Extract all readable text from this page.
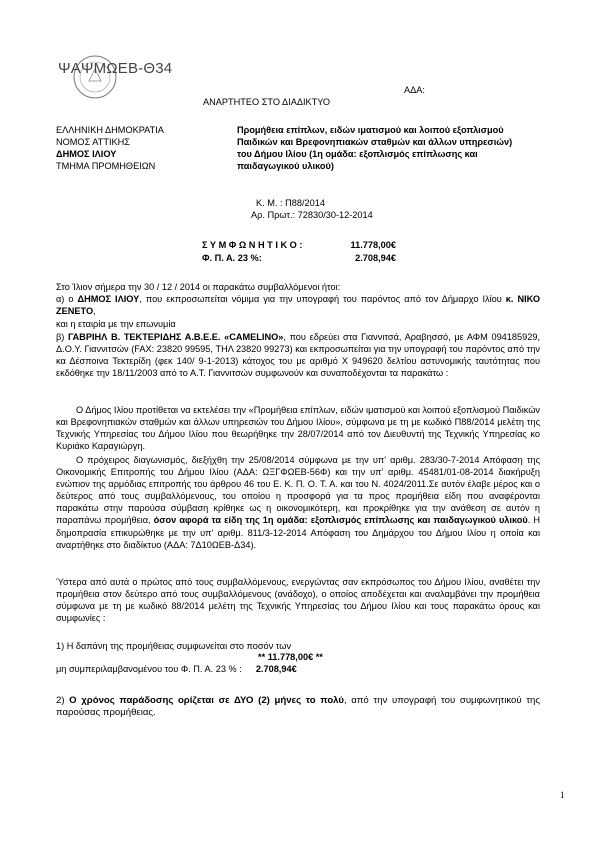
ΨΑΨΜΩΕΒ-Θ34
ΑΔΑ:
ΑΝΑΡΤΗΤΕΟ ΣΤΟ ΔΙΑΔΙΚΤΥΟ
ΕΛΛΗΝΙΚΗ ΔΗΜΟΚΡΑΤΙΑ
ΝΟΜΟΣ ΑΤΤΙΚΗΣ
ΔΗΜΟΣ ΙΛΙΟΥ
ΤΜΗΜΑ ΠΡΟΜΗΘΕΙΩΝ
Προμήθεια επίπλων, ειδών ιματισμού και λοιπού εξοπλισμού
Παιδικών και Βρεφονηπιακών σταθμών και άλλων υπηρεσιών)
του Δήμου Ιλίου (1η ομάδα: εξοπλισμός επίπλωσης και
παιδαγωγικού υλικού)
Κ. Μ. : Π88/2014
Αρ. Πρωτ.: 72830/30-12-2014
Σ Υ Μ Φ Ω Ν Η Τ Ι Κ Ο :	11.778,00€
Φ. Π. Α. 23 %:	2.708,94€
Στο Ίλιον σήμερα την 30 / 12 / 2014 οι παρακάτω συμβαλλόμενοι ήτοι:
α) ο ΔΗΜΟΣ ΙΛΙΟΥ, που εκπροσωπείται νόμιμα για την υπογραφή του παρόντος από τον Δήμαρχο Ιλίου κ. ΝΙΚΟ ΖΕΝΕΤΟ,
και η εταιρία με την επωνυμία
β) ΓΑΒΡΙΗΛ Β. ΤΕΚΤΕΡΙΔΗΣ Α.Β.Ε.Ε. «CAMELINO», που εδρεύει στα Γιαννιτσά, Αραβησσό, με ΑΦΜ 094185929, Δ.Ο.Υ. Γιαννιτσών (FAX: 23820 99595, ΤΗΛ 23820 99273) και εκπροσωπείται για την υπογραφή του παρόντος από την κα Δέσποινα Τεκτερίδη (φεκ 140/ 9-1-2013) κάτοχος του με αριθμό Χ 949620 δελτίου αστυνομικής ταυτότητας που εκδόθηκε την 18/11/2003 από το Α.Τ. Γιαννιτσών συμφωνούν και συναποδέχονται τα παρακάτω :
Ο Δήμος Ιλίου προτίθεται να εκτελέσει την «Προμήθεια επίπλων, ειδών ιματισμού και λοιπού εξοπλισμού Παιδικών και Βρεφονηπιακών σταθμών και άλλων υπηρεσιών του Δήμου Ιλίου», σύμφωνα με τη με κωδικό Π88/2014 μελέτη της Τεχνικής Υπηρεσίας του Δήμου Ιλίου που θεωρήθηκε την 28/07/2014 από τον Διευθυντή της Τεχνικής Υπηρεσίας κο Κυριάκο Καραγιώργη.
Ο πρόχειρος διαγωνισμός, διεξήχθη την 25/08/2014 σύμφωνα με την υπ' αριθμ. 283/30-7-2014 Απόφαση της Οικονομικής Επιτροπής του Δήμου Ιλίου (ΑΔΑ: ΩΞΓΦΩΕΒ-56Φ) και την υπ' αριθμ. 45481/01-08-2014 διακήρυξη ενώπιον της αρμόδιας επιτροπής του άρθρου 46 του Ε. Κ. Π. Ο. Τ. Α. και του Ν. 4024/2011.Σε αυτόν έλαβε μέρος και ο δεύτερος από τους συμβαλλόμενους, του οποίου η προσφορά για τα προς προμήθεια είδη που αναφέρονται παρακάτω στην παρούσα σύμβαση κρίθηκε ως η οικονομικότερη, και προκρίθηκε για την ανάθεση σε αυτόν η παραπάνω προμήθεια, όσον αφορά τα είδη της 1η ομάδα: εξοπλισμός επίπλωσης και παιδαγωγικού υλικού. Η δημοπρασία επικυρώθηκε με την υπ' αριθμ. 811/3-12-2014 Απόφαση του Δημάρχου του Δήμου Ιλίου η οποία και αναρτήθηκε στο διαδίκτυο (ΑΔΑ: 7Δ10ΩΕΒ-Δ34).
Ύστερα από αυτά ο πρώτος από τους συμβαλλόμενους, ενεργώντας σαν εκπρόσωπος του Δήμου Ιλίου, αναθέτει την προμήθεια στον δεύτερο από τους συμβαλλόμενους (ανάδοχο), ο οποίος αποδέχεται και αναλαμβάνει την προμήθεια σύμφωνα με τη με κωδικό 88/2014 μελέτη της Τεχνικής Υπηρεσίας του Δήμου Ιλίου και τους παρακάτω όρους και συμφωνίες :
1) Η δαπάνη της προμήθειας συμφωνείται στο ποσόν των
** 11.778,00€ **
μη συμπεριλαμβανομένου του Φ. Π. Α. 23 % : 2.708,94€
2) Ο χρόνος παράδοσης ορίζεται σε ΔΥΟ (2) μήνες το πολύ, από την υπογραφή του συμφωνητικού της παρούσας προμήθειας.
1
